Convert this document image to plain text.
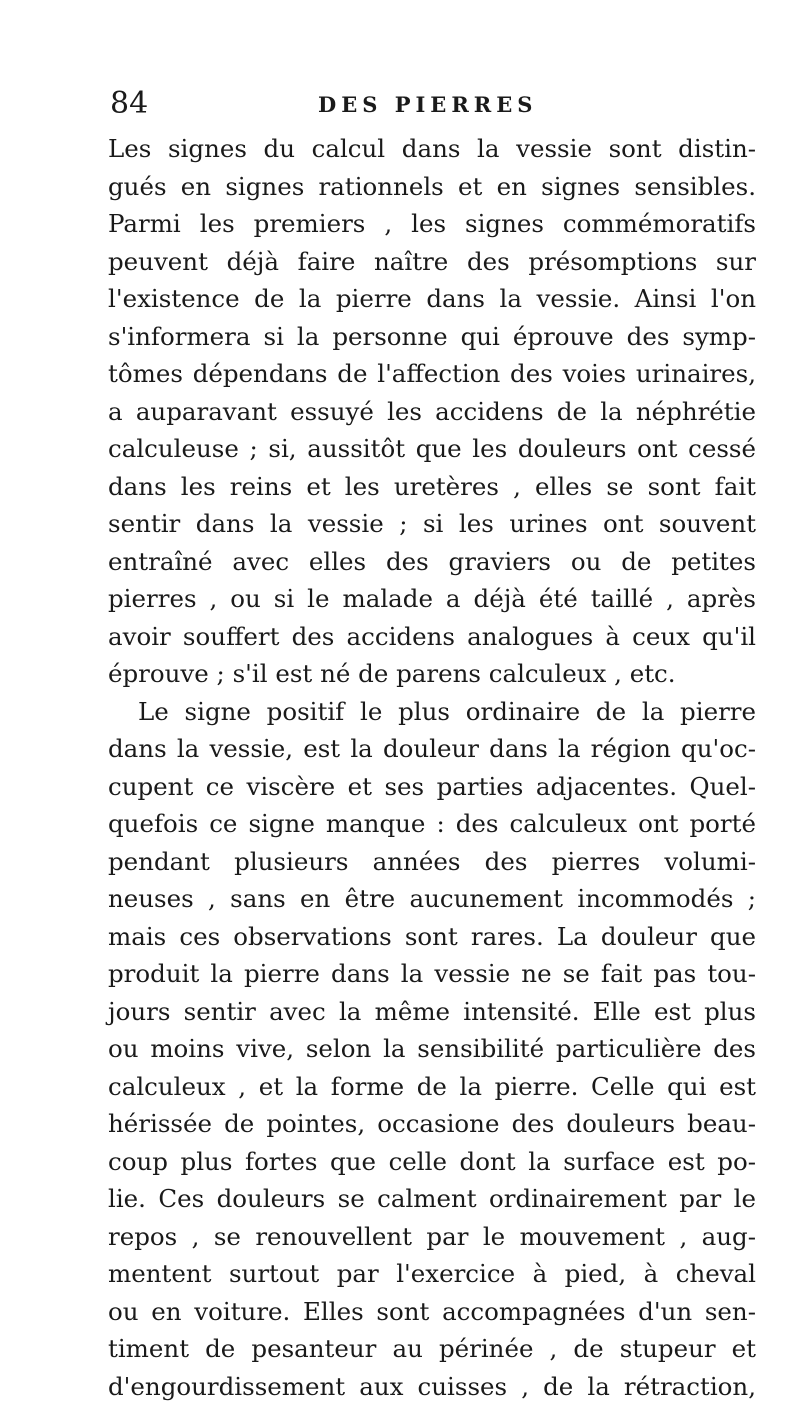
84	DES PIERRES
Les signes du calcul dans la vessie sont distin-
gués en signes rationnels et en signes sensibles.
Parmi les premiers , les signes commémoratifs
peuvent déjà faire naître des présomptions sur
l'existence de la pierre dans la vessie. Ainsi l'on
s'informera si la personne qui éprouve des symp-
tômes dépendans de l'affection des voies urinaires,
a auparavant essuyé les accidens de la néphrétie
calculeuse ; si, aussitôt que les douleurs ont cessé
dans les reins et les uretères , elles se sont fait
sentir dans la vessie ; si les urines ont souvent
entraîné avec elles des graviers ou de petites
pierres , ou si le malade a déjà été taillé , après
avoir souffert des accidens analogues à ceux qu'il
éprouve ; s'il est né de parens calculeux , etc.
Le signe positif le plus ordinaire de la pierre
dans la vessie, est la douleur dans la région qu'oc-
cupent ce viscère et ses parties adjacentes. Quel-
quefois ce signe manque : des calculeux ont porté
pendant plusieurs années des pierres volumi-
neuses , sans en être aucunement incommodés ;
mais ces observations sont rares. La douleur que
produit la pierre dans la vessie ne se fait pas tou-
jours sentir avec la même intensité. Elle est plus
ou moins vive, selon la sensibilité particulière des
calculeux , et la forme de la pierre. Celle qui est
hérissée de pointes, occasione des douleurs beau-
coup plus fortes que celle dont la surface est po-
lie. Ces douleurs se calment ordinairement par le
repos , se renouvellent par le mouvement , aug-
mentent surtout par l'exercice à pied, à cheval
ou en voiture. Elles sont accompagnées d'un sen-
timent de pesanteur au périnée , de stupeur et
d'engourdissement aux cuisses , de la rétraction,
